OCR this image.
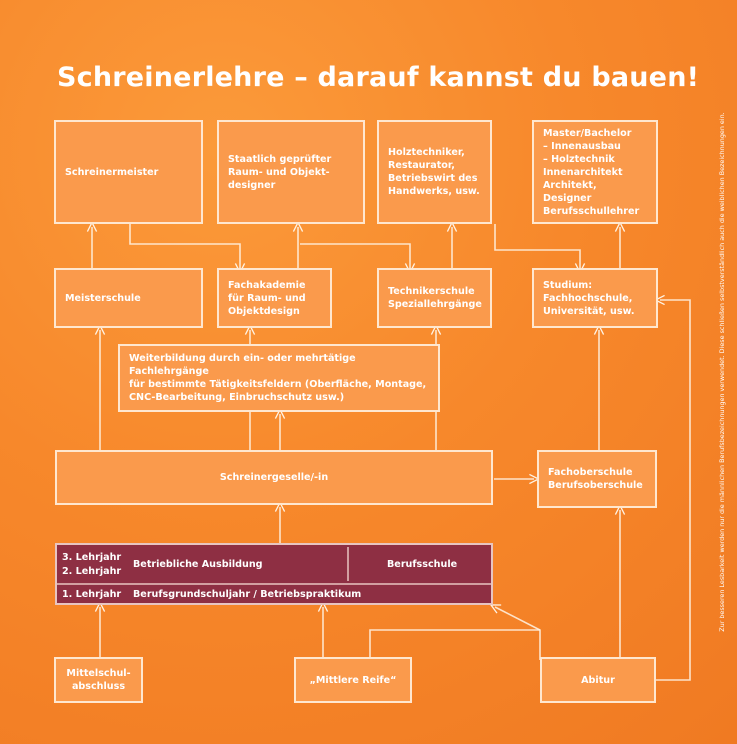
Schreinerlehre – darauf kannst du bauen!
Schreinermeister
Staatlich geprüfter
Raum- und Objekt-
designer
Holztechniker,
Restaurator,
Betriebswirt des
Handwerks, usw.
Master/Bachelor
– Innenausbau
– Holztechnik
Innenarchitekt
Architekt, Designer
Berufsschullehrer
Meisterschule
Fachakademie
für Raum- und
Objektdesign
Technikerschule
Speziallehrgänge
Studium:
Fachhochschule,
Universität, usw.
Weiterbildung durch ein- oder mehrtätige Fachlehrgänge
für bestimmte Tätigkeitsfeldern (Oberfläche, Montage,
CNC-Bearbeitung, Einbruchschutz usw.)
Schreinergeselle/-in	Fachoberschule
Berufsoberschule
3. Lehrjahr
2. Lehrjahr
Betriebliche Ausbildung	Berufsschule
1. Lehrjahr Berufsgrundschuljahr / Betriebspraktikum
Mittelschul-
abschluss
„Mittlere Reife“	Abitur
Zur besseren Lesbarkeit werden nur die männlichen Berufsbezeichnungen verwendet. Diese schließen selbstverständlich auch die weiblichen Bezeichnungen ein.
